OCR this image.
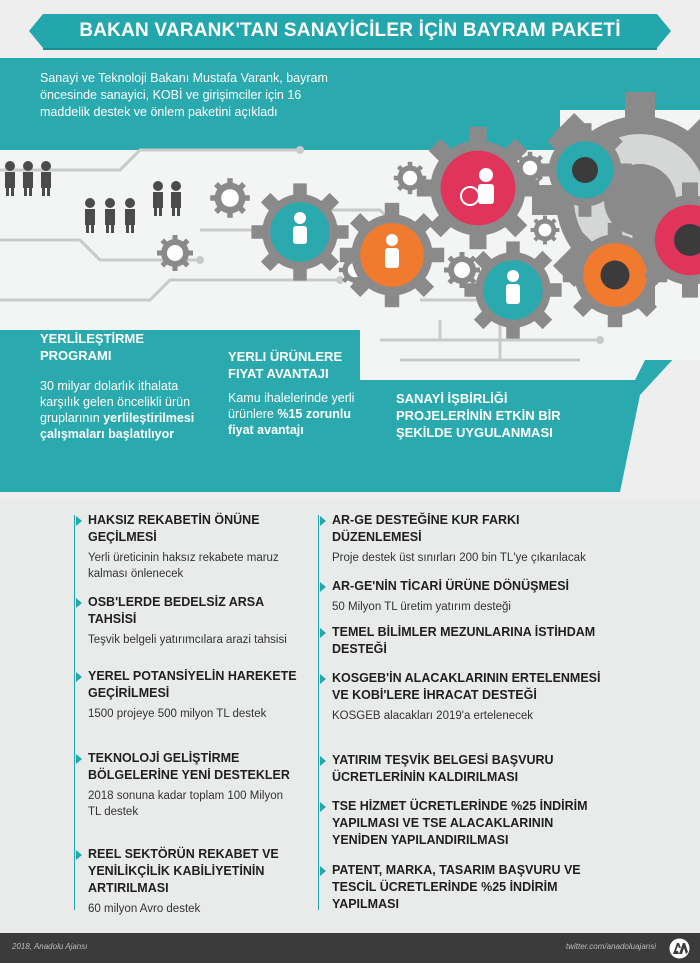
BAKAN VARANK'TAN SANAYİCİLER İÇİN BAYRAM PAKETİ
Sanayi ve Teknoloji Bakanı Mustafa Varank, bayram öncesinde sanayici, KOBİ ve girişimciler için 16 maddelik destek ve önlem paketini açıkladı
YERLİLEŞTİRME PROGRAMI
30 milyar dolarlık ithalata karşılık gelen öncelikli ürün gruplarının yerlileştirilmesi çalışmaları başlatılıyor
YERLI ÜRÜNLERE FIYAT AVANTAJI
Kamu ihalelerinde yerli ürünlere %15 zorunlu fiyat avantajı
SANAYİ İŞBİRLİĞİ PROJELERİNİN ETKİN BİR ŞEKİLDE UYGULANMASI
HAKSIZ REKABETİN ÖNÜNE GEÇİLMESİ
Yerli üreticinin haksız rekabete maruz kalması önlenecek
OSB'LERDE BEDELSİZ ARSA TAHSİSİ
Teşvik belgeli yatırımcılara arazi tahsisi
YEREL POTANSİYELİN HAREKETE GEÇİRİLMESİ
1500 projeye 500 milyon TL destek
TEKNOLOJİ GELİŞTİRME BÖLGELERİNE YENİ DESTEKLER
2018 sonuna kadar toplam 100 Milyon TL destek
REEL SEKTÖRÜN REKABET VE YENİLİKÇİLİK KABİLİYETİNİN ARTIRILMASI
60 milyon Avro destek
AR-GE DESTEĞİNE KUR FARKI DÜZENLEMESİ
Proje destek üst sınırları 200 bin TL'ye çıkarılacak
AR-GE'NİN TİCARİ ÜRÜNE DÖNÜŞMESİ
50 Milyon TL üretim yatırım desteği
TEMEL BİLİMLER MEZUNLARINA İSTİHDAM DESTEĞİ
KOSGEB'İN ALACAKLARININ ERTELENMESİ VE KOBİ'LERE İHRACAT DESTEĞİ
KOSGEB alacakları 2019'a ertelenecek
YATIRIM TEŞVİK BELGESİ BAŞVURU ÜCRETLERİNİN KALDIRILMASI
TSE HİZMET ÜCRETLERİNDE %25 İNDİRİM YAPILMASI VE TSE ALACAKLARININ YENİDEN YAPILANDIRILMASI
PATENT, MARKA, TASARIM BAŞVURU VE TESCİL ÜCRETLERİNDE %25 İNDİRİM YAPILMASI
2018, Anadolu Ajansı	twitter.com/anadoluajansi
